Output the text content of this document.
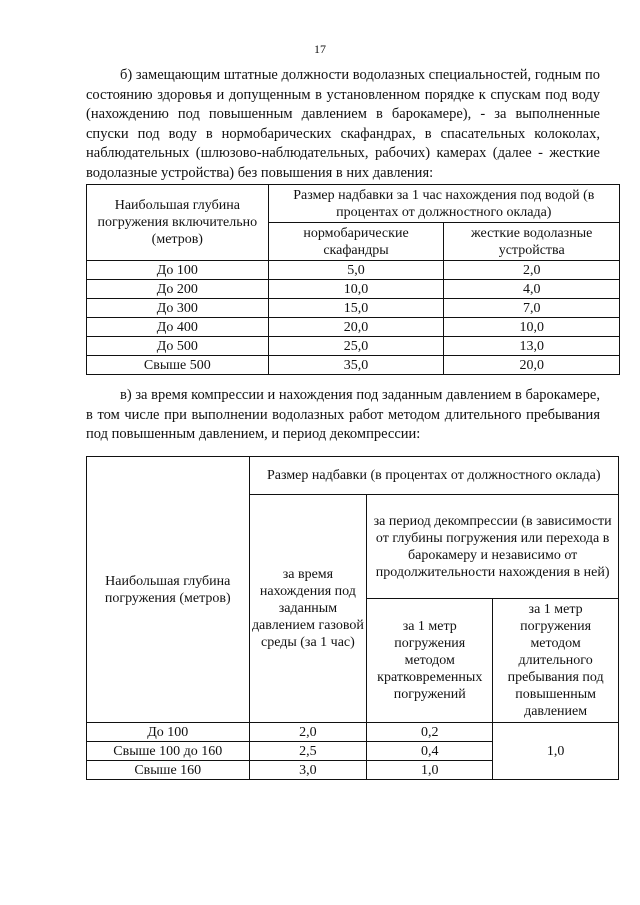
17
б) замещающим штатные должности водолазных специальностей, годным по состоянию здоровья и допущенным в установленном порядке к спускам под воду (нахождению под повышенным давлением в барокамере), - за выполненные спуски под воду в нормобарических скафандрах, в спасательных колоколах, наблюдательных (шлюзово-наблюдательных, рабочих) камерах (далее - жесткие водолазные устройства) без повышения в них давления:
Наибольшая глубина погружения включительно (метров)	Размер надбавки за 1 час нахождения под водой (в процентах от должностного оклада)	
	нормобарические скафандры	жесткие водолазные устройства
До 100	5,0	2,0
До 200	10,0	4,0
До 300	15,0	7,0
До 400	20,0	10,0
До 500	25,0	13,0
Свыше 500	35,0	20,0
в) за время компрессии и нахождения под заданным давлением в барокамере, в том числе при выполнении водолазных работ методом длительного пребывания под повышенным давлением, и период декомпрессии:
Наибольшая глубина погружения (метров)	Размер надбавки (в процентах от должностного оклада)		
	за время нахождения под заданным давлением газовой среды (за 1 час)	за период декомпрессии (в зависимости от глубины погружения или перехода в барокамеру и независимо от продолжительности нахождения в ней)	
		за 1 метр погружения методом кратковременных погружений	за 1 метр погружения методом длительного пребывания под повышенным давлением
До 100	2,0	0,2	1,0
Свыше 100 до 160	2,5	0,4	
Свыше 160	3,0	1,0	
